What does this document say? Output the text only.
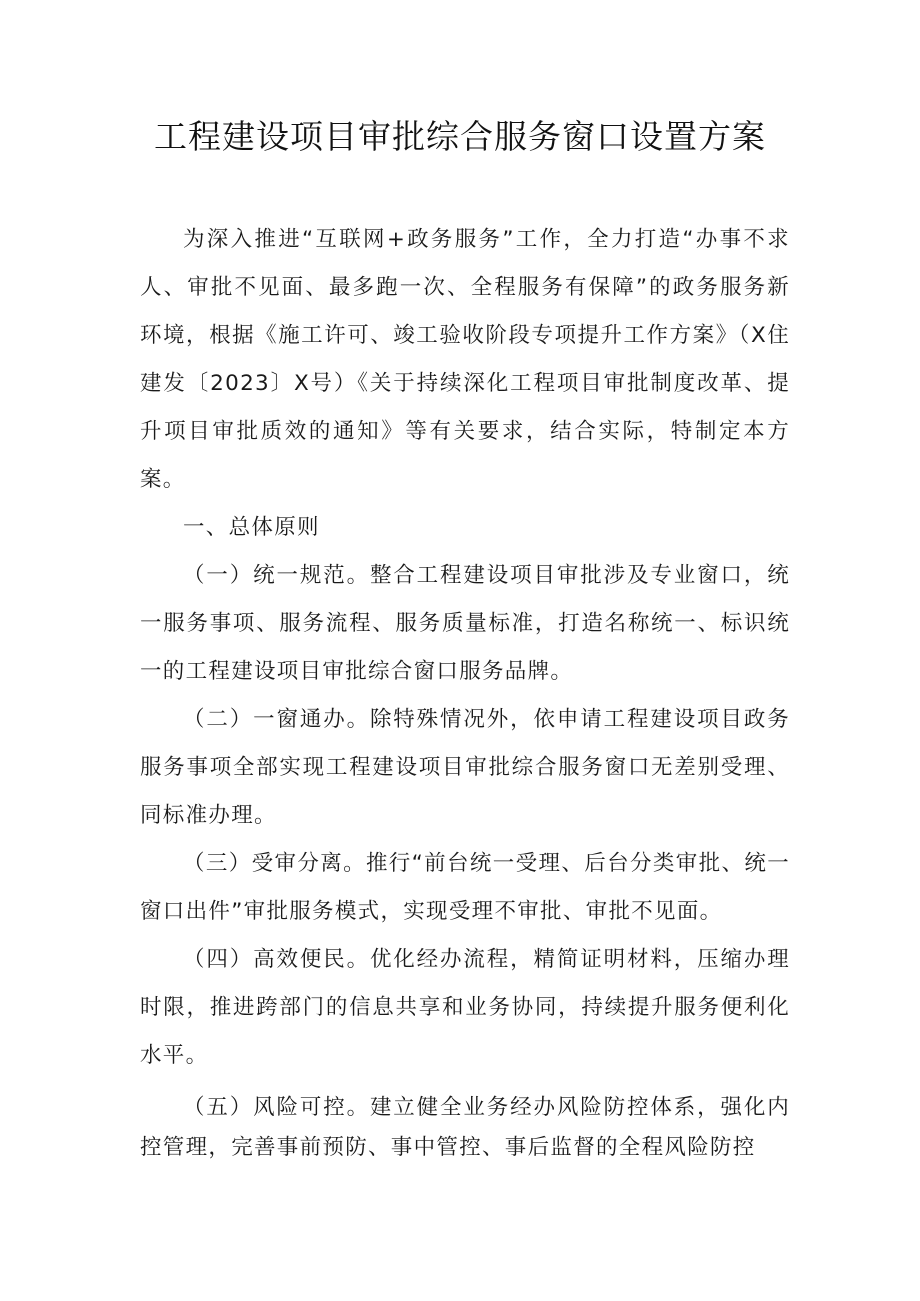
工程建设项目审批综合服务窗口设置方案

为深入推进“互联网+政务服务”工作，全力打造“办事不求人、审批不见面、最多跑一次、全程服务有保障”的政务服务新环境，根据《施工许可、竣工验收阶段专项提升工作方案》（X住建发〔2023〕X号）《关于持续深化工程项目审批制度改革、提升项目审批质效的通知》等有关要求，结合实际，特制定本方案。

一、总体原则

（一）统一规范。整合工程建设项目审批涉及专业窗口，统一服务事项、服务流程、服务质量标准，打造名称统一、标识统一的工程建设项目审批综合窗口服务品牌。

（二）一窗通办。除特殊情况外，依申请工程建设项目政务服务事项全部实现工程建设项目审批综合服务窗口无差别受理、同标准办理。

（三）受审分离。推行“前台统一受理、后台分类审批、统一窗口出件”审批服务模式，实现受理不审批、审批不见面。

（四）高效便民。优化经办流程，精简证明材料，压缩办理时限，推进跨部门的信息共享和业务协同，持续提升服务便利化水平。

（五）风险可控。建立健全业务经办风险防控体系，强化内控管理，完善事前预防、事中管控、事后监督的全程风险防控
